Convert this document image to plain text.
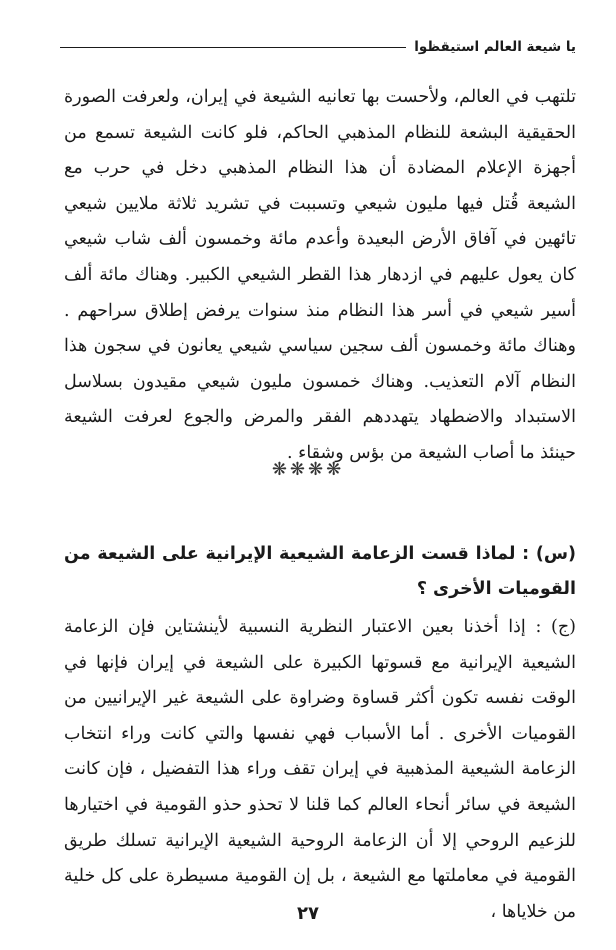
يا شيعة العالم استيقظوا

تلتهب في العالم، ولأحست بها تعانيه الشيعة في إيران، ولعرفت الصورة الحقيقية البشعة للنظام المذهبي الحاكم، فلو كانت الشيعة تسمع من أجهزة الإعلام المضادة أن هذا النظام المذهبي دخل في حرب مع الشيعة قُتل فيها مليون شيعي وتسببت في تشريد ثلاثة ملايين شيعي تائهين في آفاق الأرض البعيدة وأعدم مائة وخمسون ألف شاب شيعي كان يعول عليهم في ازدهار هذا القطر الشيعي الكبير. وهناك مائة ألف أسير شيعي في أسر هذا النظام منذ سنوات يرفض إطلاق سراحهم . وهناك مائة وخمسون ألف سجين سياسي شيعي يعانون في سجون هذا النظام آلام التعذيب. وهناك خمسون مليون شيعي مقيدون بسلاسل الاستبداد والاضطهاد يتهددهم الفقر والمرض والجوع لعرفت الشيعة حينئذ ما أصاب الشيعة من بؤس وشقاء .

❋❋❋❋

(س) : لماذا قست الزعامة الشيعية الإيرانية على الشيعة من القوميات الأخرى ؟

(ج) : إذا أخذنا بعين الاعتبار النظرية النسبية لأينشتاين فإن الزعامة الشيعية الإيرانية مع قسوتها الكبيرة على الشيعة في إيران فإنها في الوقت نفسه تكون أكثر قساوة وضراوة على الشيعة غير الإيرانيين من القوميات الأخرى . أما الأسباب فهي نفسها والتي كانت وراء انتخاب الزعامة الشيعية المذهبية في إيران تقف وراء هذا التفضيل ، فإن كانت الشيعة في سائر أنحاء العالم كما قلنا لا تحذو حذو القومية في اختيارها للزعيم الروحي إلا أن الزعامة الروحية الشيعية الإيرانية تسلك طريق القومية في معاملتها مع الشيعة ، بل إن القومية مسيطرة على كل خلية من خلاياها ،

٢٧
